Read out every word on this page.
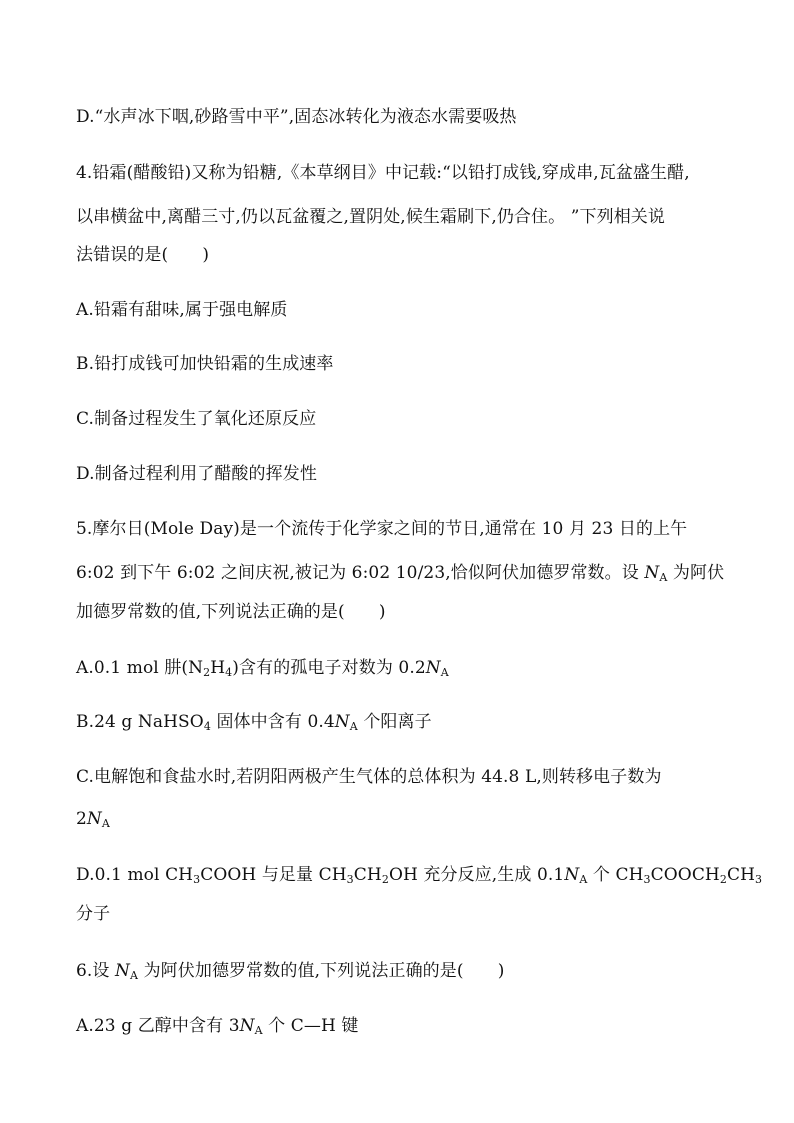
D.“水声冰下咽,砂路雪中平”,固态冰转化为液态水需要吸热
4.铅霜(醋酸铅)又称为铅糖,《本草纲目》中记载:“以铅打成钱,穿成串,瓦盆盛生醋,
以串横盆中,离醋三寸,仍以瓦盆覆之,置阴处,候生霜刷下,仍合住。 ”下列相关说
法错误的是(　　)
A.铅霜有甜味,属于强电解质
B.铅打成钱可加快铅霜的生成速率
C.制备过程发生了氧化还原反应
D.制备过程利用了醋酸的挥发性
5.摩尔日(Mole Day)是一个流传于化学家之间的节日,通常在 10 月 23 日的上午
6:02 到下午 6:02 之间庆祝,被记为 6:02 10/23,恰似阿伏加德罗常数。设 $N_A$ 为阿伏
加德罗常数的值,下列说法正确的是(　　)
A.0.1 mol 肼$(N_2H_4)$含有的孤电子对数为 $0.2N_A$
B.24 g NaHSO$_4$ 固体中含有 $0.4N_A$ 个阳离子
C.电解饱和食盐水时,若阴阳两极产生气体的总体积为 44.8 L,则转移电子数为
$2N_A$
D.0.1 mol $CH_3COOH$ 与足量 $CH_3CH_2OH$ 充分反应,生成 $0.1N_A$ 个 $CH_3COOCH_2CH_3$
分子
6.设 $N_A$ 为阿伏加德罗常数的值,下列说法正确的是(　　)
A.23 g 乙醇中含有 $3N_A$ 个 C—H 键
